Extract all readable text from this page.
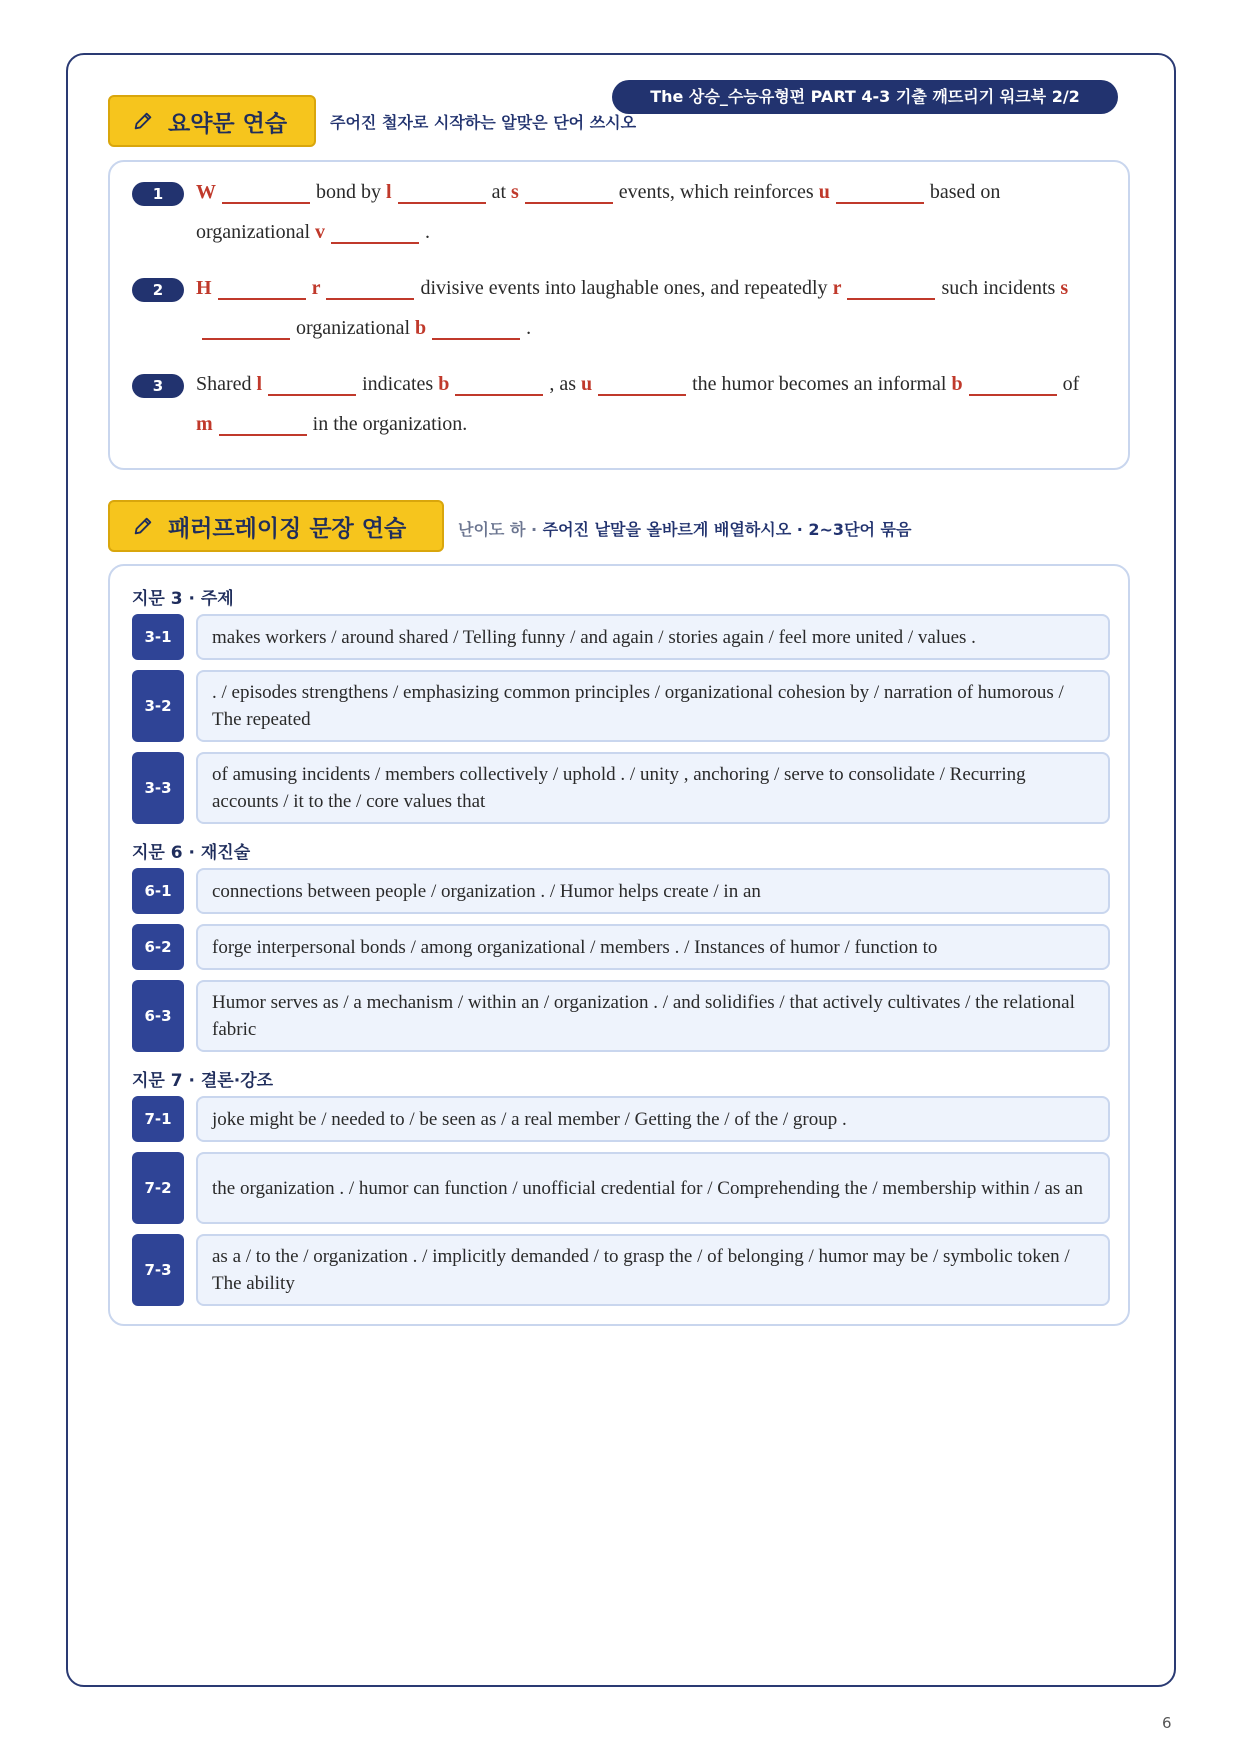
The 상승_수능유형편 PART 4-3 기출 깨뜨리기 워크북 2/2
요약문 연습	주어진 철자로 시작하는 알맞은 단어 쓰시오
1	W	bond by l	at s	events, which reinforces u	based on
organizational v	.
2	H	r	divisive events into laughable ones, and repeatedly r	such incidents s
organizational b	.
3	Shared l	indicates b	, as u	the humor becomes an informal b	of
m	in the organization.
패러프레이징 문장 연습	난이도 하 · 주어진 낱말을 올바르게 배열하시오 · 2~3단어 묶음
지문 3 · 주제
3-1	makes workers / around shared / Telling funny / and again / stories again / feel more united / values .
3-2
. / episodes strengthens / emphasizing common principles / organizational cohesion by / narration of humorous / The repeated
3-3
of amusing incidents / members collectively / uphold . / unity , anchoring / serve to consolidate / Recurring accounts / it to the / core values that
지문 6 · 재진술
6-1	connections between people / organization . / Humor helps create / in an
6-2	forge interpersonal bonds / among organizational / members . / Instances of humor / function to
6-3
Humor serves as / a mechanism / within an / organization . / and solidifies / that actively cultivates / the relational fabric
지문 7 · 결론·강조
7-1	joke might be / needed to / be seen as / a real member / Getting the / of the / group .
7-2	the organization . / humor can function / unofficial credential for / Comprehending the / membership within / as an
7-3
as a / to the / organization . / implicitly demanded / to grasp the / of belonging / humor may be / symbolic token / The ability
6
